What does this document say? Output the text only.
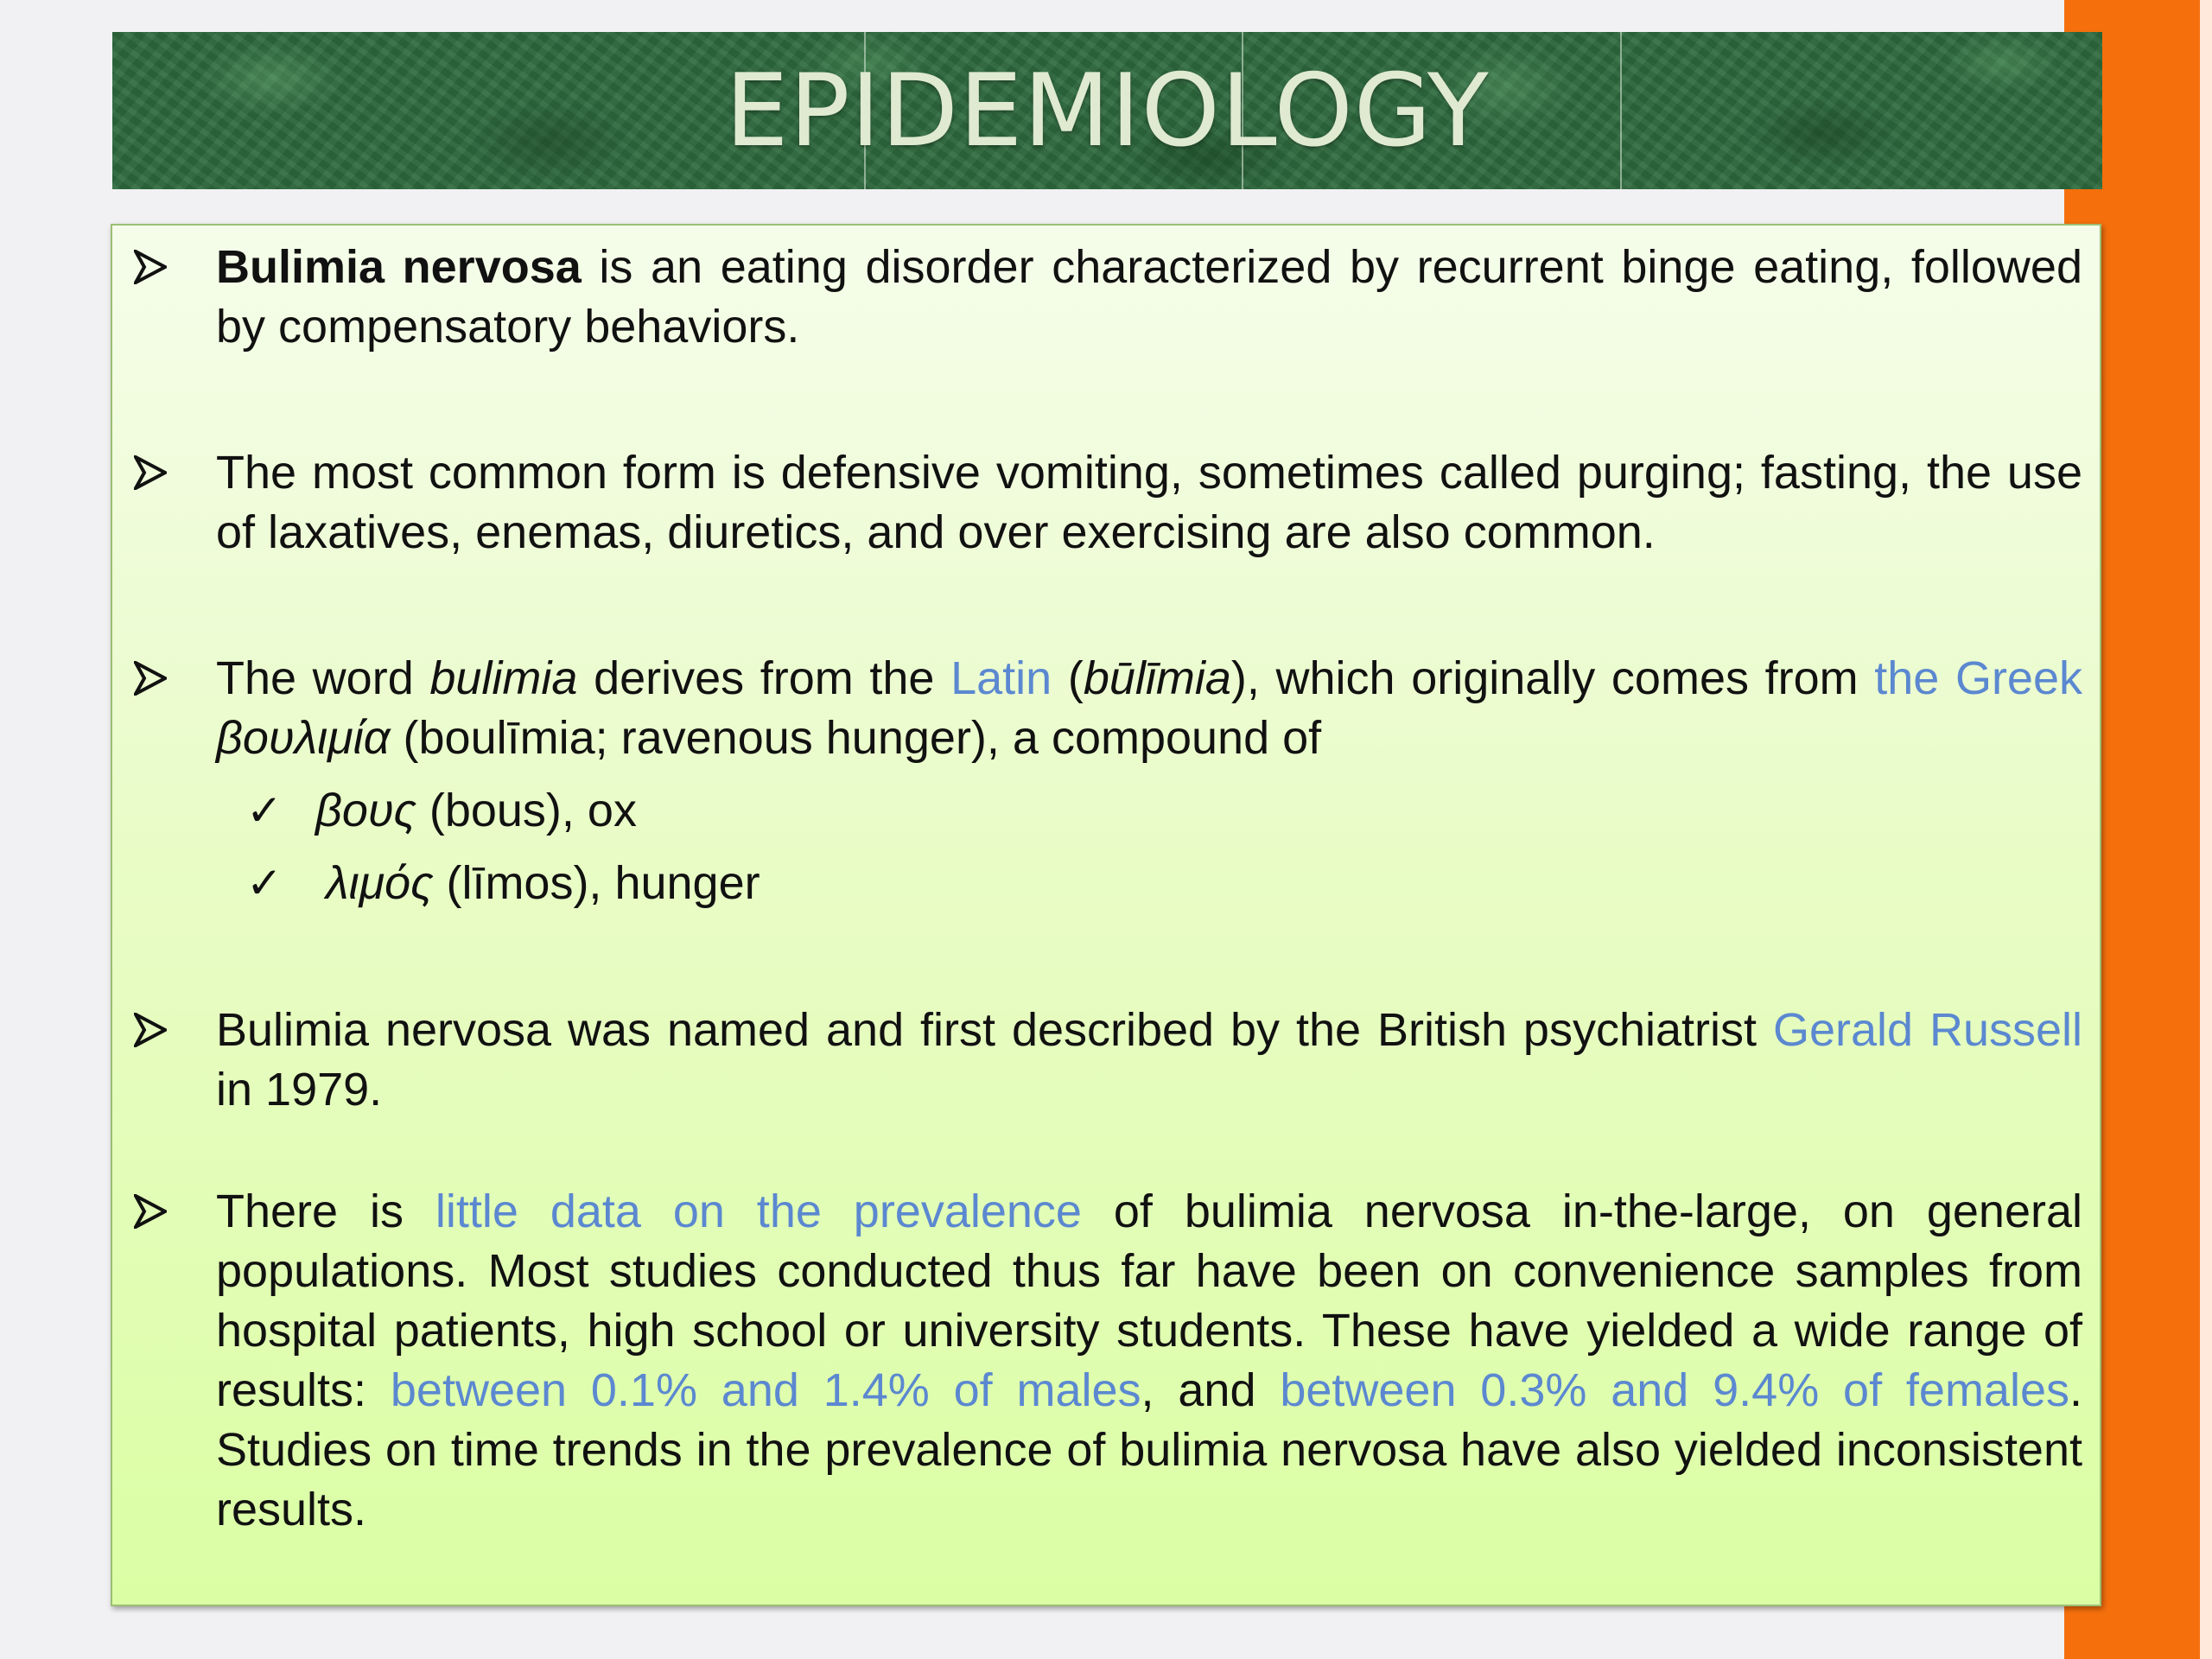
EPIDEMIOLOGY
Bulimia nervosa is an eating disorder characterized by recurrent binge eating, followed by compensatory behaviors.
The most common form is defensive vomiting, sometimes called purging; fasting, the use of laxatives, enemas, diuretics, and over exercising are also common.
The word bulimia derives from the Latin (būlīmia), which originally comes from the Greek βουλιμία (boulīmia; ravenous hunger), a compound of
✓ βους (bous), ox
✓ λιμός (līmos), hunger
Bulimia nervosa was named and first described by the British psychiatrist Gerald Russell in 1979.
There is little data on the prevalence of bulimia nervosa in-the-large, on general populations. Most studies conducted thus far have been on convenience samples from hospital patients, high school or university students. These have yielded a wide range of results: between 0.1% and 1.4% of males, and between 0.3% and 9.4% of females. Studies on time trends in the prevalence of bulimia nervosa have also yielded inconsistent results.
